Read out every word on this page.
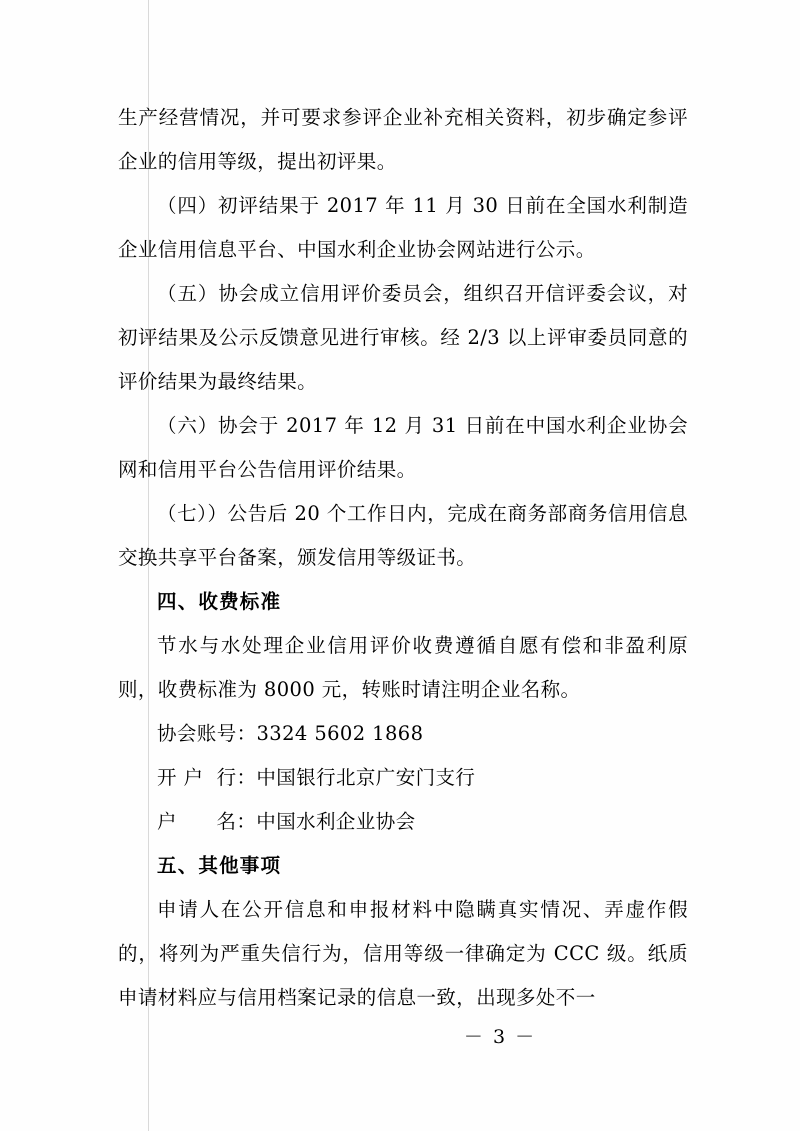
生产经营情况，并可要求参评企业补充相关资料，初步确定参评企业的信用等级，提出初评果。

（四）初评结果于 2017 年 11 月 30 日前在全国水利制造企业信用信息平台、中国水利企业协会网站进行公示。

（五）协会成立信用评价委员会，组织召开信评委会议，对初评结果及公示反馈意见进行审核。经 2/3 以上评审委员同意的评价结果为最终结果。

（六）协会于 2017 年 12 月 31 日前在中国水利企业协会网和信用平台公告信用评价结果。

（七））公告后 20 个工作日内，完成在商务部商务信用信息交换共享平台备案，颁发信用等级证书。

四、收费标准

节水与水处理企业信用评价收费遵循自愿有偿和非盈利原则，收费标准为 8000 元，转账时请注明企业名称。

协会账号：3324 5602 1868

开 户  行：中国银行北京广安门支行

户      名：中国水利企业协会

五、其他事项

申请人在公开信息和申报材料中隐瞒真实情况、弄虚作假的，将列为严重失信行为，信用等级一律确定为 CCC 级。纸质申请材料应与信用档案记录的信息一致，出现多处不一

－ 3 －
